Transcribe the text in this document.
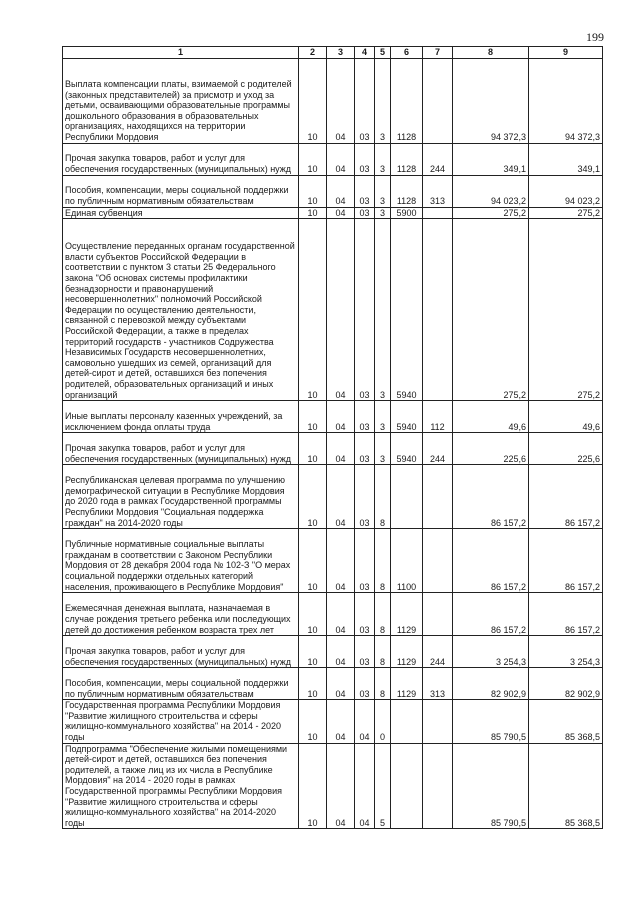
199
1	2	3	4	5	6	7	8	9
Выплата компенсации платы, взимаемой с родителей (законных представителей) за присмотр и уход за детьми, осваивающими образовательные программы дошкольного образования в образовательных организациях, находящихся на территории Республики Мордовия	10	04	03	3	1128		94 372,3	94 372,3
Прочая закупка товаров, работ и услуг для обеспечения государственных (муниципальных) нужд	10	04	03	3	1128	244	349,1	349,1
Пособия, компенсации, меры социальной поддержки по публичным нормативным обязательствам	10	04	03	3	1128	313	94 023,2	94 023,2
Единая субвенция	10	04	03	3	5900		275,2	275,2
Осуществление переданных органам государственной власти субъектов Российской Федерации в соответствии с пунктом 3 статьи 25 Федерального закона "Об основах системы профилактики безнадзорности и правонарушений несовершеннолетних" полномочий Российской Федерации по осуществлению деятельности, связанной с перевозкой между субъектами Российской Федерации, а также в пределах территорий государств - участников Содружества Независимых Государств несовершеннолетних, самовольно ушедших из семей, организаций для детей-сирот и детей, оставшихся без попечения родителей, образовательных организаций и иных организаций	10	04	03	3	5940		275,2	275,2
Иные выплаты персоналу казенных учреждений, за исключением фонда оплаты труда	10	04	03	3	5940	112	49,6	49,6
Прочая закупка товаров, работ и услуг для обеспечения государственных (муниципальных) нужд	10	04	03	3	5940	244	225,6	225,6
Республиканская целевая программа по улучшению демографической ситуации в Республике Мордовия до 2020 года в рамках Государственной программы Республики Мордовия "Социальная поддержка граждан" на 2014-2020 годы	10	04	03	8			86 157,2	86 157,2
Публичные нормативные социальные выплаты гражданам в соответствии с Законом Республики Мордовия от 28 декабря 2004 года № 102-З "О мерах социальной поддержки отдельных категорий населения, проживающего в Республике Мордовия"	10	04	03	8	1100		86 157,2	86 157,2
Ежемесячная денежная выплата, назначаемая в случае рождения третьего ребенка или последующих детей до достижения ребенком возраста трех лет	10	04	03	8	1129		86 157,2	86 157,2
Прочая закупка товаров, работ и услуг для обеспечения государственных (муниципальных) нужд	10	04	03	8	1129	244	3 254,3	3 254,3
Пособия, компенсации, меры социальной поддержки по публичным нормативным обязательствам	10	04	03	8	1129	313	82 902,9	82 902,9
Государственная программа Республики Мордовия "Развитие жилищного строительства и сферы жилищно-коммунального хозяйства" на 2014 - 2020 годы	10	04	04	0			85 790,5	85 368,5
Подпрограмма "Обеспечение жилыми помещениями детей-сирот и детей, оставшихся без попечения родителей, а также лиц из их числа в Республике Мордовия" на 2014 - 2020 годы в рамках Государственной программы Республики Мордовия "Развитие жилищного строительства и сферы жилищно-коммунального хозяйства" на 2014-2020 годы	10	04	04	5			85 790,5	85 368,5
